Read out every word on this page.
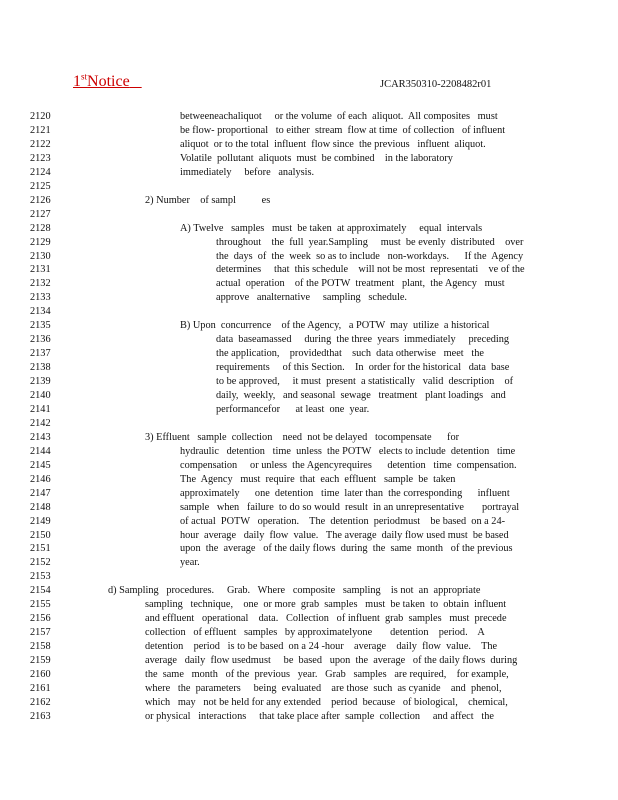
1stNotice	JCAR350310-2208482r01
2120	betweeneachaliquot     or the volume  of each  aliquot.  All composites   must
2121	be flow- proportional   to either  stream  flow at time  of collection   of influent
2122	aliquot  or to the total  influent  flow since  the previous   influent  aliquot.
2123	Volatile  pollutant  aliquots  must  be combined    in the laboratory
2124	immediately     before   analysis.
2125
2126	2) Number    of sampl          es
2127
2128	A) Twelve   samples   must  be taken  at approximately     equal  intervals
2129	throughout    the  full  year.Sampling     must  be evenly  distributed    over
2130	the  days  of  the  week  so as to include   non-workdays.      If the  Agency
2131	determines     that  this schedule    will not be most  representati    ve of the
2132	actual  operation    of the POTW  treatment   plant,  the Agency   must
2133	approve   analternative     sampling   schedule.
2134
2135	B) Upon  concurrence    of the Agency,   a POTW  may  utilize  a historical
2136	data  baseamassed     during  the three  years  immediately     preceding
2137	the application,    providedthat    such  data otherwise   meet   the
2138	requirements     of this Section.    In  order for the historical   data  base
2139	to be approved,     it must  present  a statistically   valid  description    of
2140	daily,  weekly,   and seasonal  sewage   treatment   plant loadings   and
2141	performancefor      at least  one  year.
2142
2143	3) Effluent   sample  collection    need  not be delayed   tocompensate      for
2144	hydraulic   detention   time  unless  the POTW   elects to include  detention   time
2145	compensation     or unless  the Agencyrequires      detention   time  compensation.
2146	The  Agency   must  require  that  each  effluent   sample  be  taken
2147	approximately      one  detention   time  later than  the corresponding      influent
2148	sample   when   failure  to do so would  result  in an unrepresentative       portrayal
2149	of actual  POTW   operation.    The  detention  periodmust    be based  on a 24-
2150	hour  average   daily  flow  value.   The average  daily flow used must  be based
2151	upon  the  average   of the daily flows  during  the  same  month   of the previous
2152	year.
2153
2154	d) Sampling   procedures.     Grab.   Where   composite   sampling    is not  an  appropriate
2155	sampling   technique,    one  or more  grab  samples   must  be taken  to  obtain  influent
2156	and effluent   operational    data.   Collection   of influent  grab  samples   must  precede
2157	collection   of effluent   samples   by approximatelyone       detention    period.    A
2158	detention    period   is to be based  on a 24 -hour    average    daily  flow  value.    The
2159	average   daily  flow usedmust     be  based   upon  the  average   of the daily flows  during
2160	the  same   month   of the  previous   year.   Grab   samples   are required,    for example,
2161	where   the  parameters     being  evaluated    are those  such  as cyanide    and  phenol,
2162	which   may   not be held for any extended    period  because   of biological,    chemical,
2163	or physical   interactions     that take place after  sample  collection     and affect   the
